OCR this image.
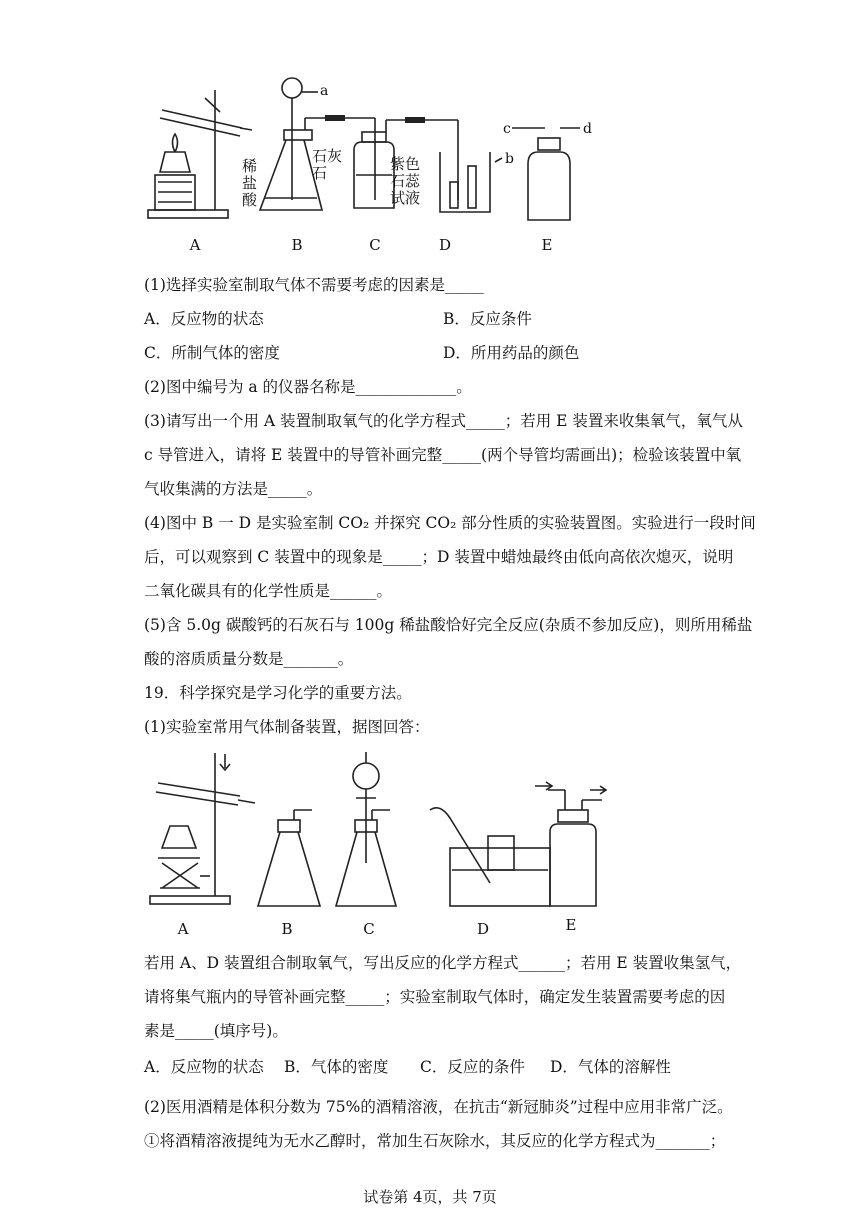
A	B	C	D	E
a
b
c	d
稀
盐
酸
石灰
石	紫色
石蕊
试液
(1)选择实验室制取气体不需要考虑的因素是_____
A．反应物的状态	B．反应条件
C．所制气体的密度	D．所用药品的颜色
(2)图中编号为 a 的仪器名称是_____________。
(3)请写出一个用 A 装置制取氧气的化学方程式_____；若用 E 装置来收集氧气，氧气从
c 导管进入，请将 E 装置中的导管补画完整_____(两个导管均需画出)；检验该装置中氧
气收集满的方法是_____。
(4)图中 B 一 D 是实验室制 CO₂ 并探究 CO₂ 部分性质的实验装置图。实验进行一段时间
后，可以观察到 C 装置中的现象是_____；D 装置中蜡烛最终由低向高依次熄灭，说明
二氧化碳具有的化学性质是______。
(5)含 5.0g 碳酸钙的石灰石与 100g 稀盐酸恰好完全反应(杂质不参加反应)，则所用稀盐
酸的溶质质量分数是_______。
19．科学探究是学习化学的重要方法。
(1)实验室常用气体制备装置，据图回答：
A	B	C	D	E
若用 A、D 装置组合制取氧气，写出反应的化学方程式______；若用 E 装置收集氢气，
请将集气瓶内的导管补画完整_____；实验室制取气体时，确定发生装置需要考虑的因
素是_____(填序号)。
A．反应物的状态 B．气体的密度 C．反应的条件 D．气体的溶解性
(2)医用酒精是体积分数为 75%的酒精溶液，在抗击“新冠肺炎”过程中应用非常广泛。
①将酒精溶液提纯为无水乙醇时，常加生石灰除水，其反应的化学方程式为_______；
试卷第 4页，共 7页
